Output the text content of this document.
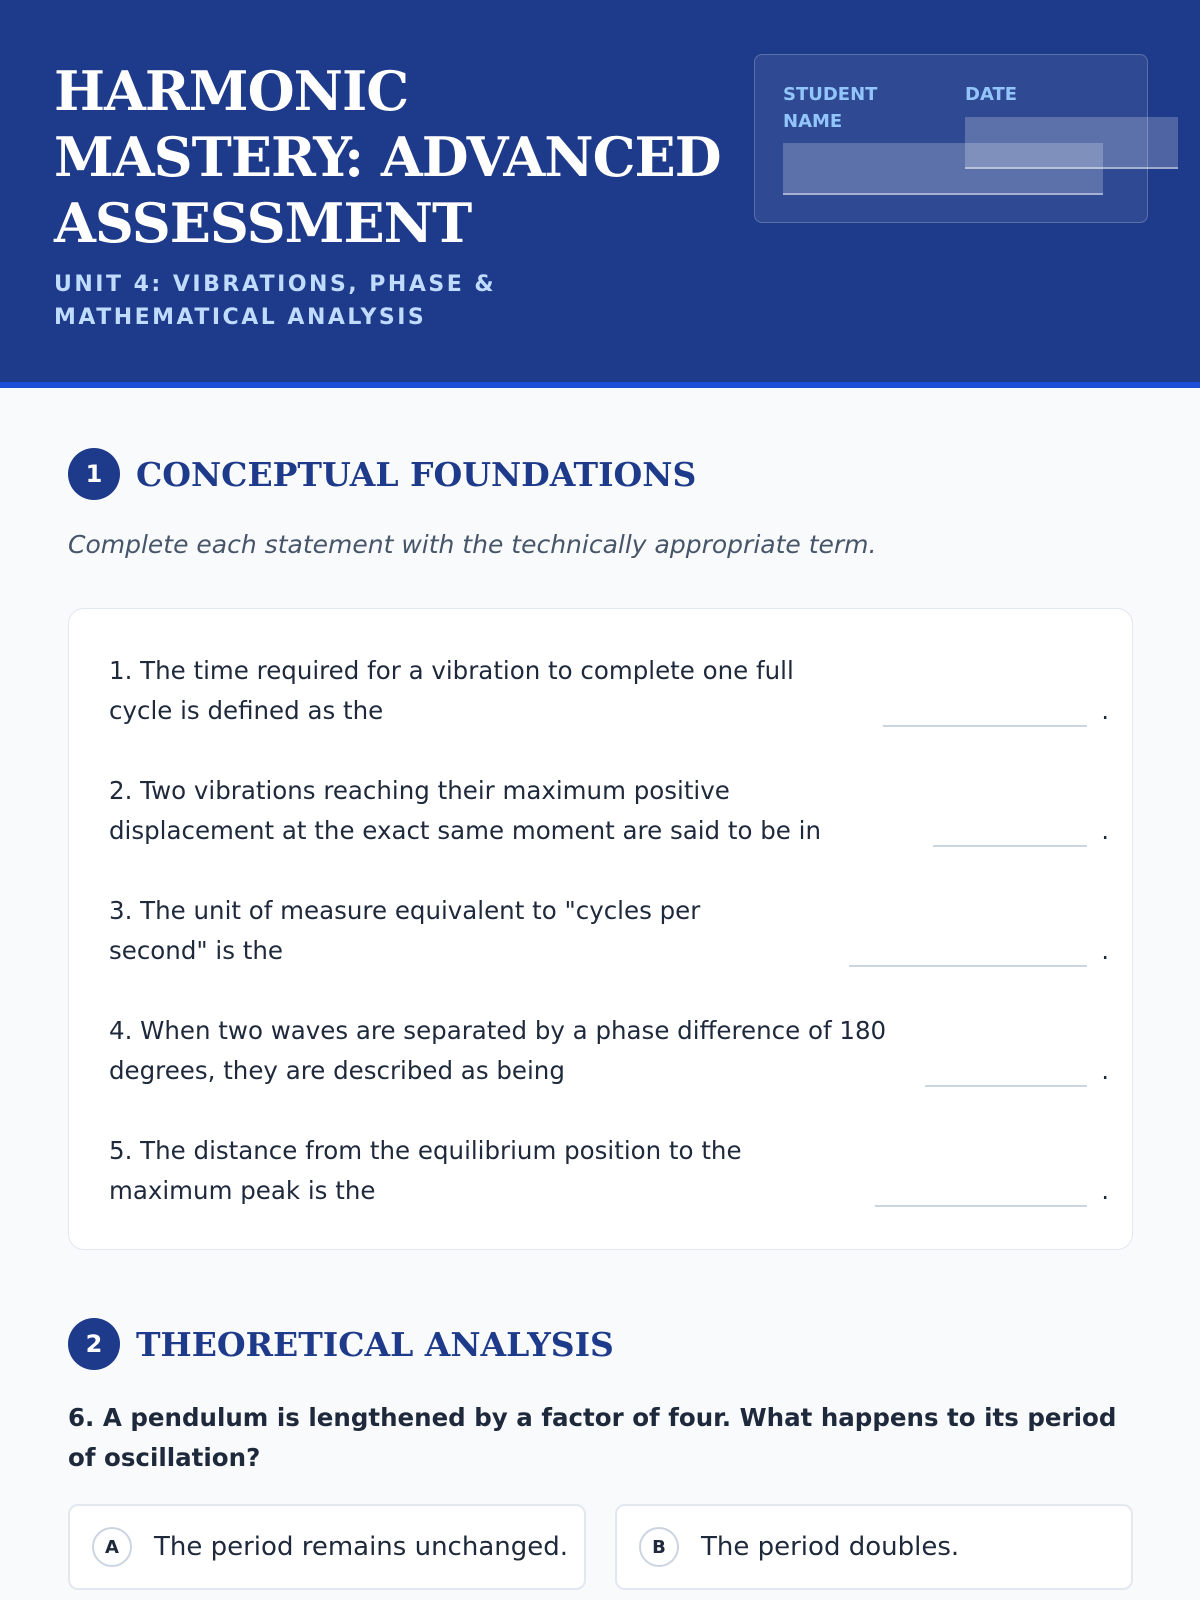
HARMONIC MASTERY: ADVANCED ASSESSMENT
UNIT 4: VIBRATIONS, PHASE & MATHEMATICAL ANALYSIS
STUDENT NAME
DATE
1	CONCEPTUAL FOUNDATIONS
Complete each statement with the technically appropriate term.
1. The time required for a vibration to complete one full cycle is defined as the	.
2. Two vibrations reaching their maximum positive displacement at the exact same moment are said to be in	.
3. The unit of measure equivalent to "cycles per second" is the	.
4. When two waves are separated by a phase difference of 180 degrees, they are described as being	.
5. The distance from the equilibrium position to the maximum peak is the	.
2	THEORETICAL ANALYSIS
6. A pendulum is lengthened by a factor of four. What happens to its period of oscillation?
A	The period remains unchanged.	B	The period doubles.
